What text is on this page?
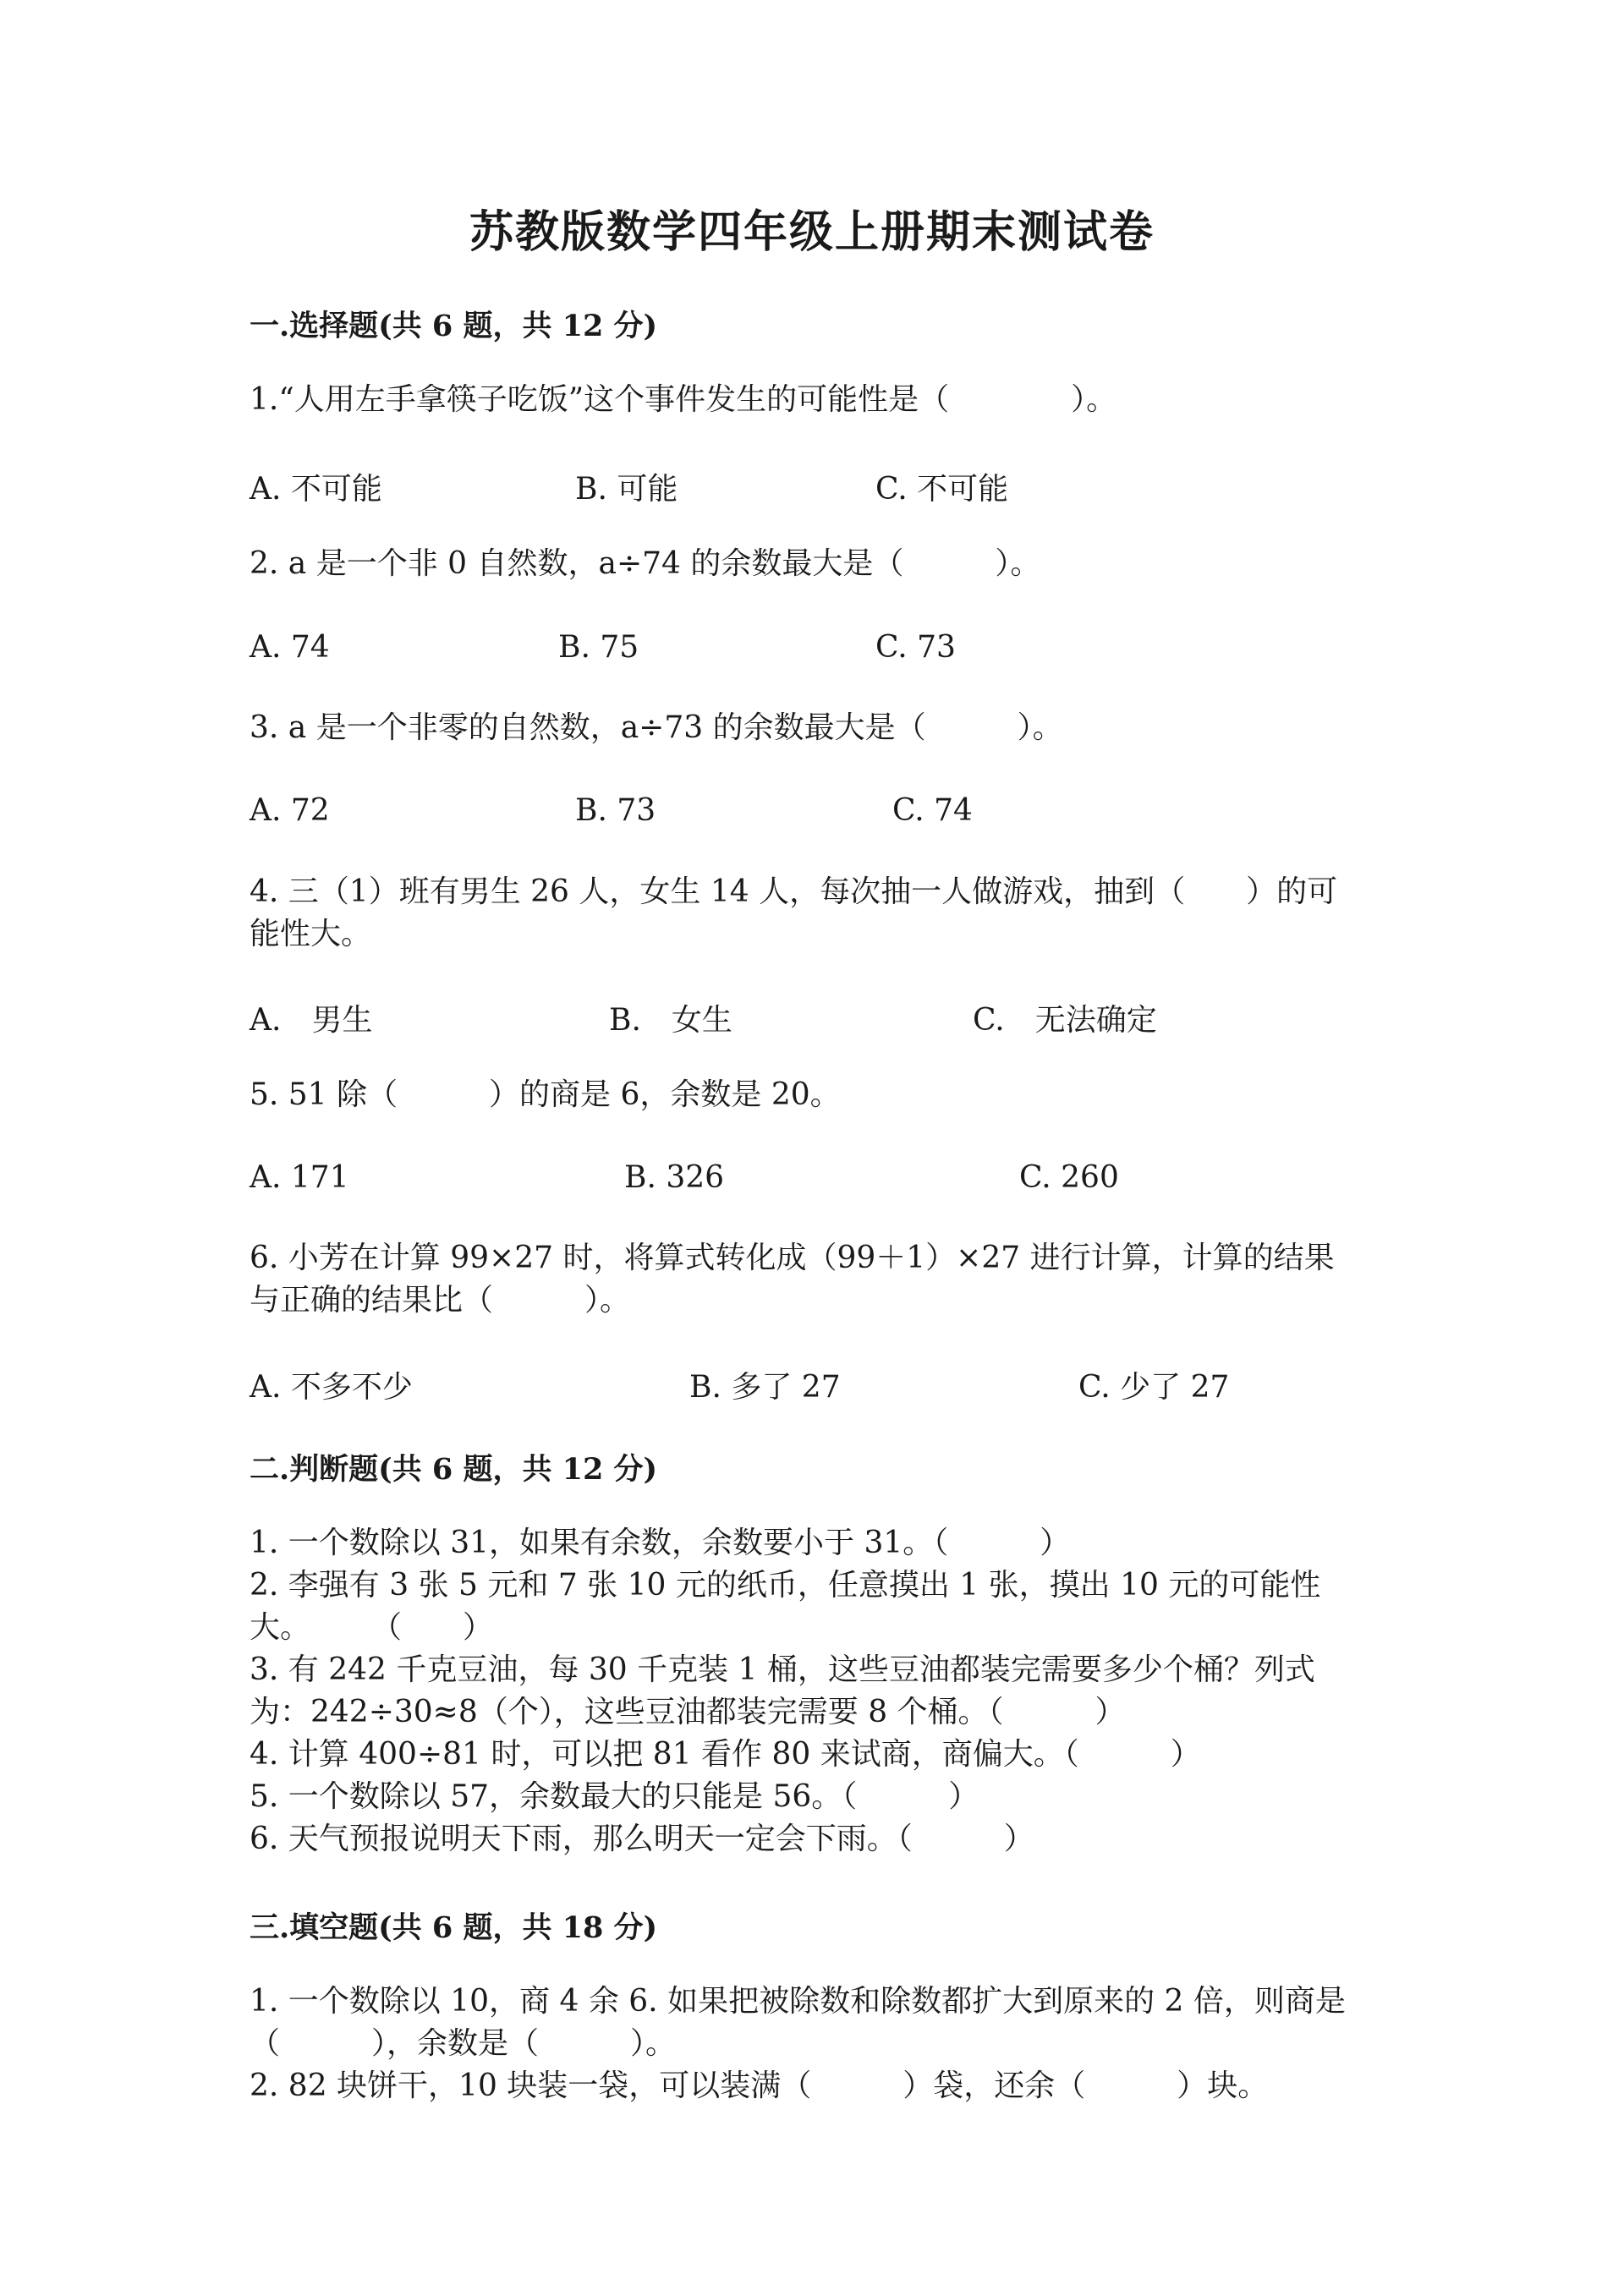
苏教版数学四年级上册期末测试卷
一.选择题(共 6 题，共 12 分)
1.“人用左手拿筷子吃饭”这个事件发生的可能性是（　　　　）。
A. 不可能	B. 可能	C. 不可能
2. a 是一个非 0 自然数，a÷74 的余数最大是（　　　）。
A. 74	B. 75	C. 73
3. a 是一个非零的自然数，a÷73 的余数最大是（　　　）。
A. 72	B. 73	C. 74
4. 三（1）班有男生 26 人，女生 14 人，每次抽一人做游戏，抽到（　　）的可
能性大。
A.　男生	B.　女生	C.　无法确定
5. 51 除（　　　）的商是 6，余数是 20。
A. 171	B. 326	C. 260
6. 小芳在计算 99×27 时，将算式转化成（99＋1）×27 进行计算，计算的结果
与正确的结果比（　　　）。
A. 不多不少	B. 多了 27	C. 少了 27
二.判断题(共 6 题，共 12 分)
1. 一个数除以 31，如果有余数，余数要小于 31。（　　　）
2. 李强有 3 张 5 元和 7 张 10 元的纸币，任意摸出 1 张，摸出 10 元的可能性
大。　　　（　　）
3. 有 242 千克豆油，每 30 千克装 1 桶，这些豆油都装完需要多少个桶？列式
为：242÷30≈8（个），这些豆油都装完需要 8 个桶。（　　　）
4. 计算 400÷81 时，可以把 81 看作 80 来试商，商偏大。（　　　）
5. 一个数除以 57，余数最大的只能是 56。（　　　）
6. 天气预报说明天下雨，那么明天一定会下雨。（　　　）
三.填空题(共 6 题，共 18 分)
1. 一个数除以 10，商 4 余 6. 如果把被除数和除数都扩大到原来的 2 倍，则商是
（　　　），余数是（　　　）。
2. 82 块饼干，10 块装一袋，可以装满（　　　）袋，还余（　　　）块。
